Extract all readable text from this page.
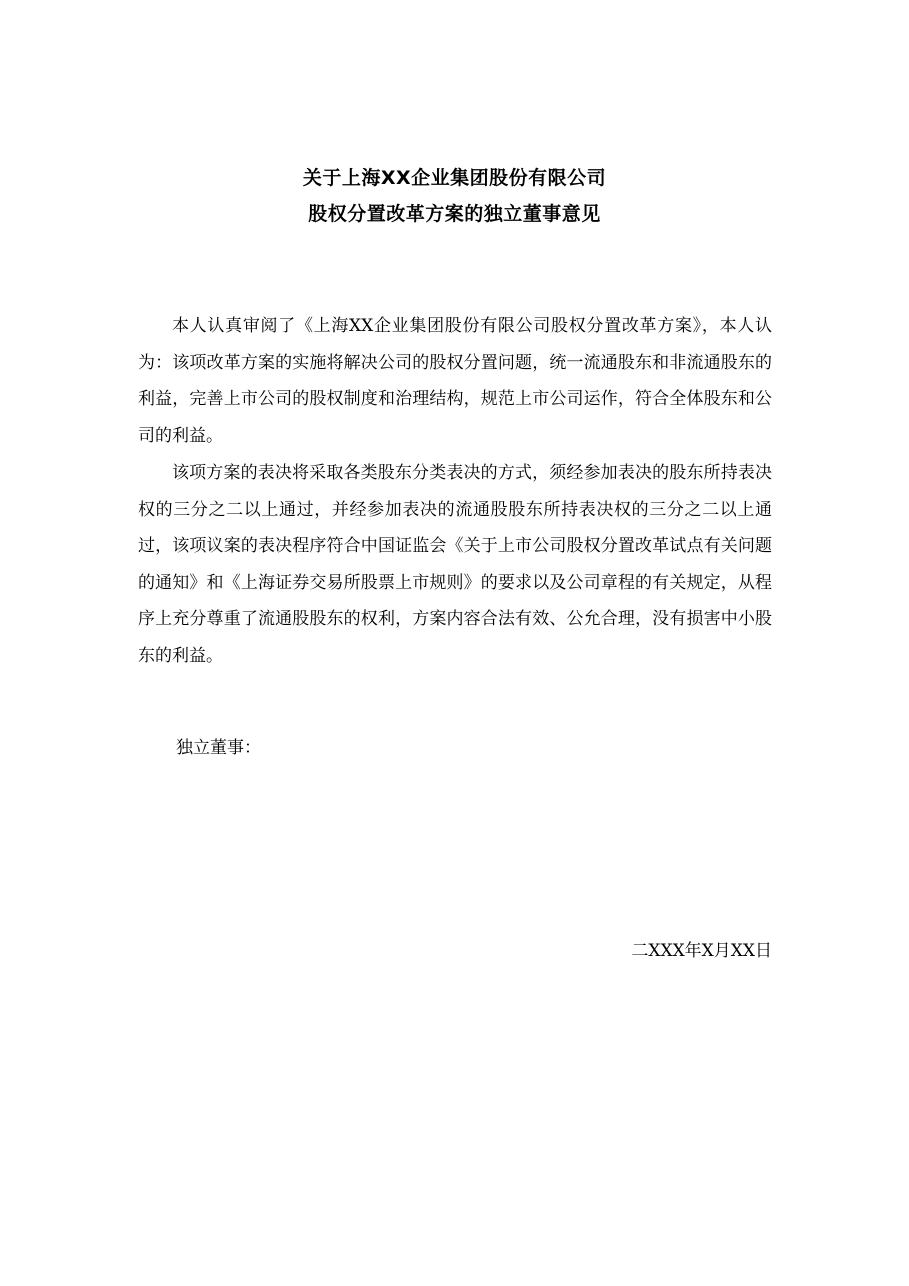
关于上海XX企业集团股份有限公司
股权分置改革方案的独立董事意见

本人认真审阅了《上海XX企业集团股份有限公司股权分置改革方案》，本人认为：该项改革方案的实施将解决公司的股权分置问题，统一流通股东和非流通股东的利益，完善上市公司的股权制度和治理结构，规范上市公司运作，符合全体股东和公司的利益。

该项方案的表决将采取各类股东分类表决的方式，须经参加表决的股东所持表决权的三分之二以上通过，并经参加表决的流通股股东所持表决权的三分之二以上通过，该项议案的表决程序符合中国证监会《关于上市公司股权分置改革试点有关问题的通知》和《上海证券交易所股票上市规则》的要求以及公司章程的有关规定，从程序上充分尊重了流通股股东的权利，方案内容合法有效、公允合理，没有损害中小股东的利益。

独立董事：
二XXX年X月XX日
